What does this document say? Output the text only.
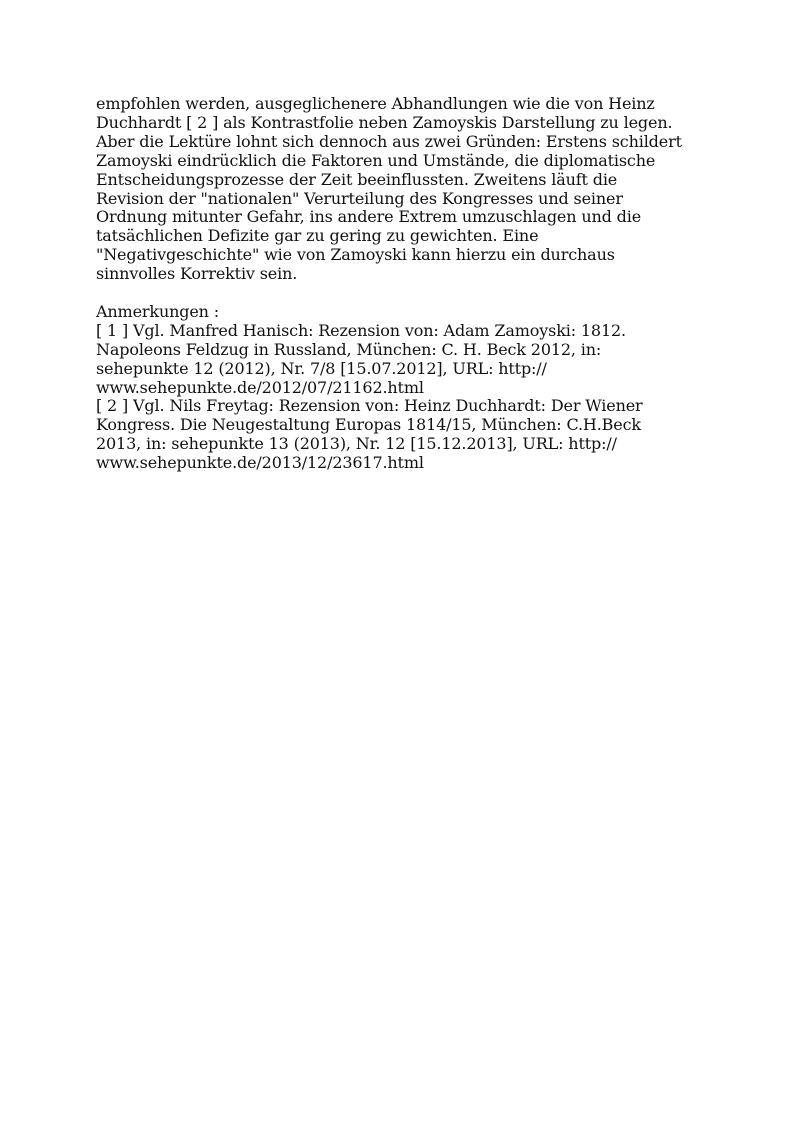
empfohlen werden, ausgeglichenere Abhandlungen wie die von Heinz
Duchhardt [ 2 ] als Kontrastfolie neben Zamoyskis Darstellung zu legen.
Aber die Lektüre lohnt sich dennoch aus zwei Gründen: Erstens schildert
Zamoyski eindrücklich die Faktoren und Umstände, die diplomatische
Entscheidungsprozesse der Zeit beeinflussten. Zweitens läuft die
Revision der "nationalen" Verurteilung des Kongresses und seiner
Ordnung mitunter Gefahr, ins andere Extrem umzuschlagen und die
tatsächlichen Defizite gar zu gering zu gewichten. Eine
"Negativgeschichte" wie von Zamoyski kann hierzu ein durchaus
sinnvolles Korrektiv sein.
Anmerkungen :
[ 1 ] Vgl. Manfred Hanisch: Rezension von: Adam Zamoyski: 1812.
Napoleons Feldzug in Russland, München: C. H. Beck 2012, in:
sehepunkte 12 (2012), Nr. 7/8 [15.07.2012], URL: http://
www.sehepunkte.de/2012/07/21162.html
[ 2 ] Vgl. Nils Freytag: Rezension von: Heinz Duchhardt: Der Wiener
Kongress. Die Neugestaltung Europas 1814/15, München: C.H.Beck
2013, in: sehepunkte 13 (2013), Nr. 12 [15.12.2013], URL: http://
www.sehepunkte.de/2013/12/23617.html
